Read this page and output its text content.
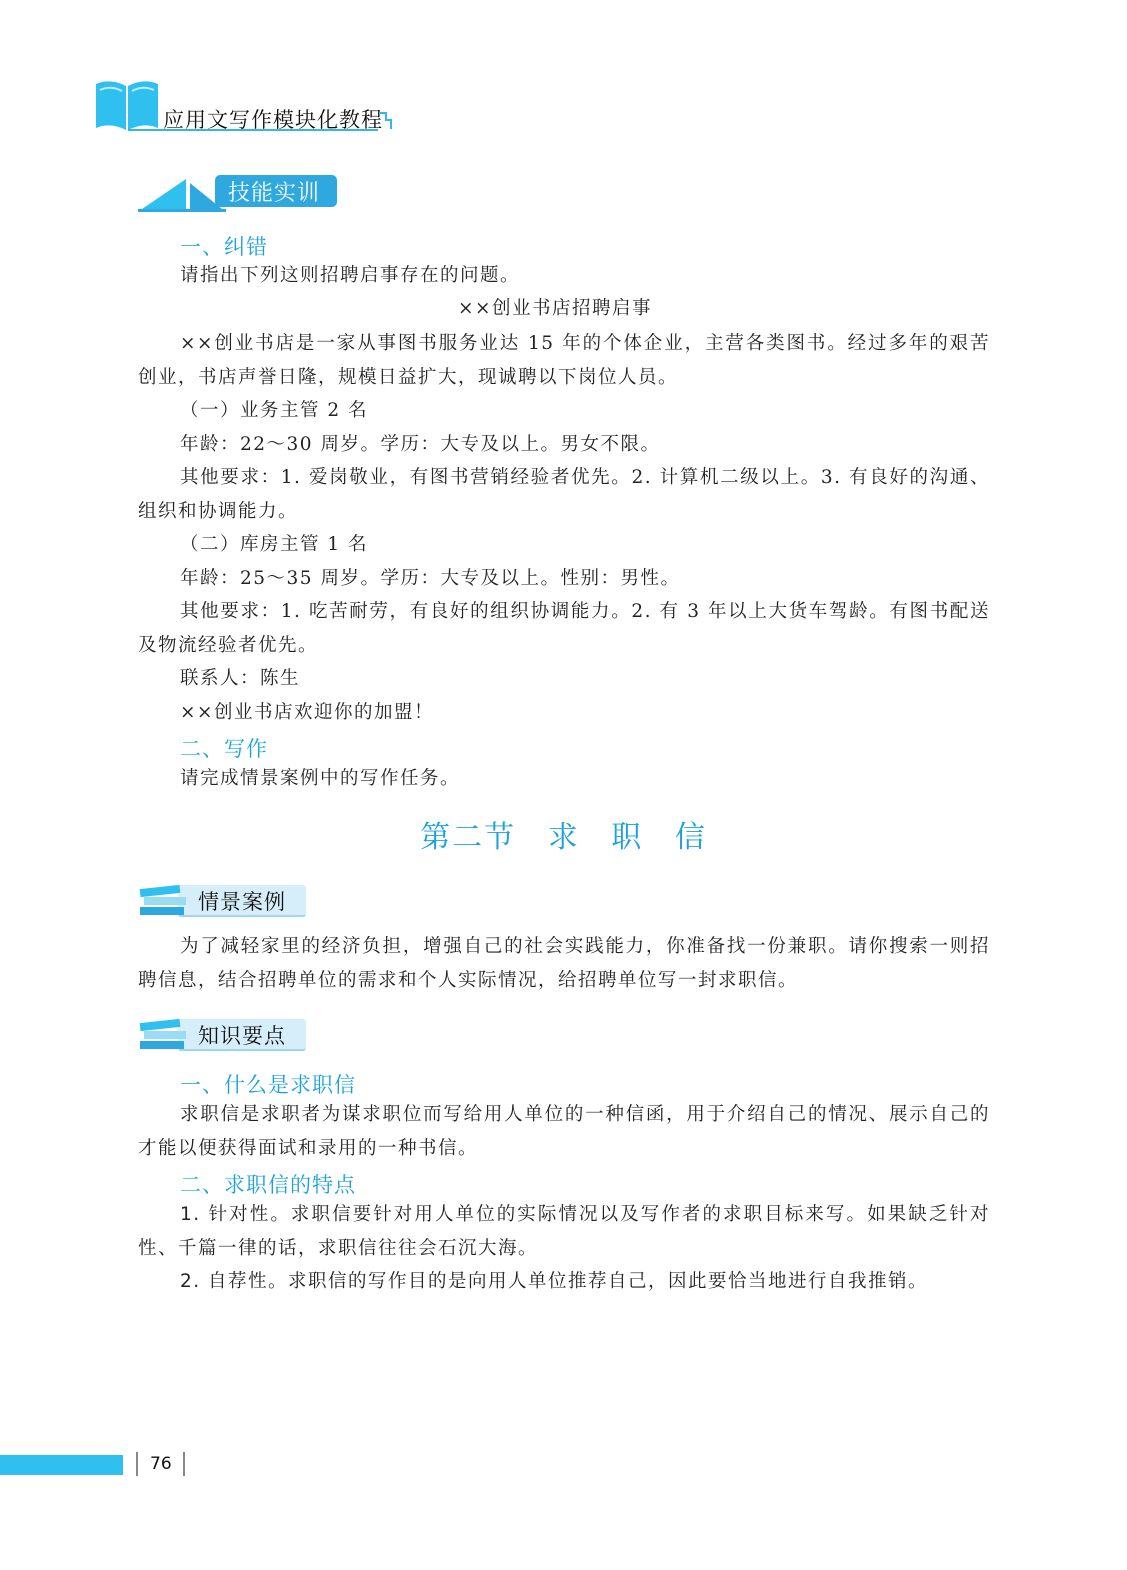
应用文写作模块化教程
技能实训
一、纠错
请指出下列这则招聘启事存在的问题。
××创业书店招聘启事
××创业书店是一家从事图书服务业达 15 年的个体企业，主营各类图书。经过多年的艰苦创业，书店声誉日隆，规模日益扩大，现诚聘以下岗位人员。
（一）业务主管 2 名
年龄：22～30 周岁。学历：大专及以上。男女不限。
其他要求：1. 爱岗敬业，有图书营销经验者优先。2. 计算机二级以上。3. 有良好的沟通、组织和协调能力。
（二）库房主管 1 名
年龄：25～35 周岁。学历：大专及以上。性别：男性。
其他要求：1. 吃苦耐劳，有良好的组织协调能力。2. 有 3 年以上大货车驾龄。有图书配送及物流经验者优先。
联系人：陈生
××创业书店欢迎你的加盟！
二、写作
请完成情景案例中的写作任务。
第二节 求 职 信
情景案例
为了减轻家里的经济负担，增强自己的社会实践能力，你准备找一份兼职。请你搜索一则招聘信息，结合招聘单位的需求和个人实际情况，给招聘单位写一封求职信。
知识要点
一、什么是求职信
求职信是求职者为谋求职位而写给用人单位的一种信函，用于介绍自己的情况、展示自己的才能以便获得面试和录用的一种书信。
二、求职信的特点
1. 针对性。求职信要针对用人单位的实际情况以及写作者的求职目标来写。如果缺乏针对性、千篇一律的话，求职信往往会石沉大海。
2. 自荐性。求职信的写作目的是向用人单位推荐自己，因此要恰当地进行自我推销。
76
